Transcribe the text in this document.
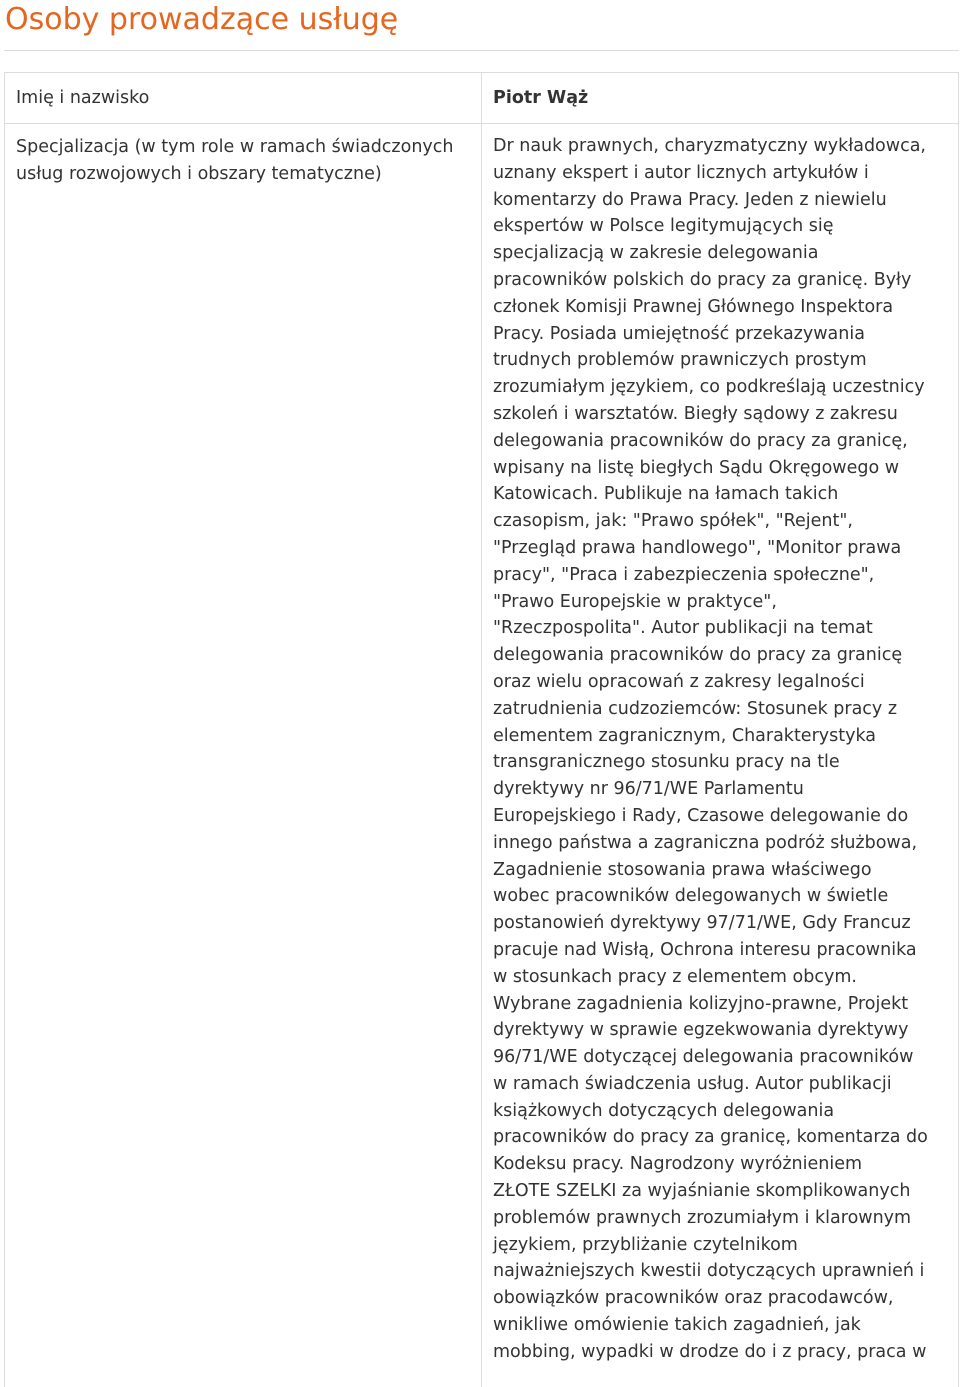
Osoby prowadzące usługę
Imię i nazwisko	Piotr Wąż
Specjalizacja (w tym role w ramach świadczonych usług rozwojowych i obszary tematyczne)

Dr nauk prawnych, charyzmatyczny wykładowca,
uznany ekspert i autor licznych artykułów i
komentarzy do Prawa Pracy. Jeden z niewielu
ekspertów w Polsce legitymujących się
specjalizacją w zakresie delegowania
pracowników polskich do pracy za granicę. Były
członek Komisji Prawnej Głównego Inspektora
Pracy. Posiada umiejętność przekazywania
trudnych problemów prawniczych prostym
zrozumiałym językiem, co podkreślają uczestnicy
szkoleń i warsztatów. Biegły sądowy z zakresu
delegowania pracowników do pracy za granicę,
wpisany na listę biegłych Sądu Okręgowego w
Katowicach. Publikuje na łamach takich
czasopism, jak: "Prawo spółek", "Rejent",
"Przegląd prawa handlowego", "Monitor prawa
pracy", "Praca i zabezpieczenia społeczne",
"Prawo Europejskie w praktyce",
"Rzeczpospolita". Autor publikacji na temat
delegowania pracowników do pracy za granicę
oraz wielu opracowań z zakresy legalności
zatrudnienia cudzoziemców: Stosunek pracy z
elementem zagranicznym, Charakterystyka
transgranicznego stosunku pracy na tle
dyrektywy nr 96/71/WE Parlamentu
Europejskiego i Rady, Czasowe delegowanie do
innego państwa a zagraniczna podróż służbowa,
Zagadnienie stosowania prawa właściwego
wobec pracowników delegowanych w świetle
postanowień dyrektywy 97/71/WE, Gdy Francuz
pracuje nad Wisłą, Ochrona interesu pracownika
w stosunkach pracy z elementem obcym.
Wybrane zagadnienia kolizyjno-prawne, Projekt
dyrektywy w sprawie egzekwowania dyrektywy
96/71/WE dotyczącej delegowania pracowników
w ramach świadczenia usług. Autor publikacji
książkowych dotyczących delegowania
pracowników do pracy za granicę, komentarza do
Kodeksu pracy. Nagrodzony wyróżnieniem
ZŁOTE SZELKI za wyjaśnianie skomplikowanych
problemów prawnych zrozumiałym i klarownym
językiem, przybliżanie czytelnikom
najważniejszych kwestii dotyczących uprawnień i
obowiązków pracowników oraz pracodawców,
wnikliwe omówienie takich zagadnień, jak
mobbing, wypadki w drodze do i z pracy, praca w
